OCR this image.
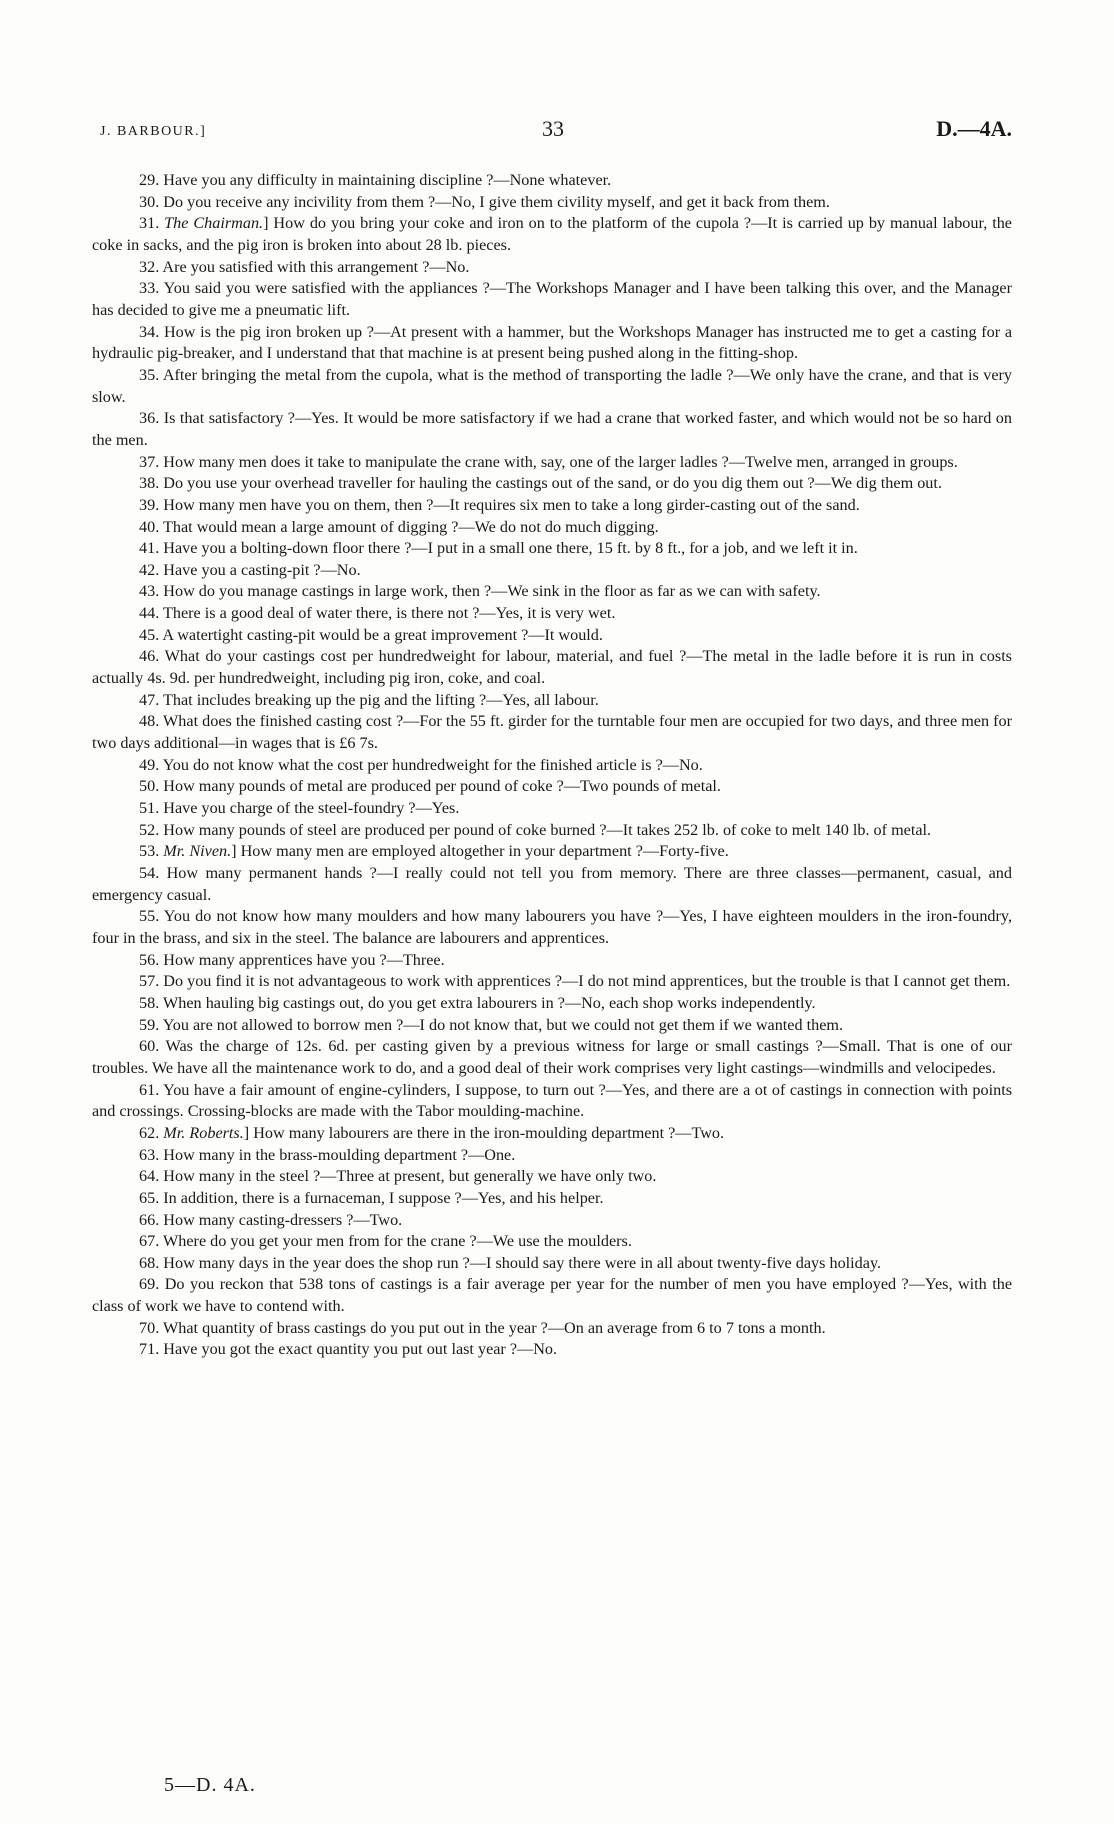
J. BARBOUR.]	33	D.—4A.

29. Have you any difficulty in maintaining discipline ?—None whatever.

30. Do you receive any incivility from them ?—No, I give them civility myself, and get it back from them.

31. The Chairman.] How do you bring your coke and iron on to the platform of the cupola ?—It is carried up by manual labour, the coke in sacks, and the pig iron is broken into about 28 lb. pieces.

32. Are you satisfied with this arrangement ?—No.

33. You said you were satisfied with the appliances ?—The Workshops Manager and I have been talking this over, and the Manager has decided to give me a pneumatic lift.

34. How is the pig iron broken up ?—At present with a hammer, but the Workshops Manager has instructed me to get a casting for a hydraulic pig-breaker, and I understand that that machine is at present being pushed along in the fitting-shop.

35. After bringing the metal from the cupola, what is the method of transporting the ladle ?—We only have the crane, and that is very slow.

36. Is that satisfactory ?—Yes. It would be more satisfactory if we had a crane that worked faster, and which would not be so hard on the men.

37. How many men does it take to manipulate the crane with, say, one of the larger ladles ?—Twelve men, arranged in groups.

38. Do you use your overhead traveller for hauling the castings out of the sand, or do you dig them out ?—We dig them out.

39. How many men have you on them, then ?—It requires six men to take a long girder-casting out of the sand.

40. That would mean a large amount of digging ?—We do not do much digging.

41. Have you a bolting-down floor there ?—I put in a small one there, 15 ft. by 8 ft., for a job, and we left it in.

42. Have you a casting-pit ?—No.

43. How do you manage castings in large work, then ?—We sink in the floor as far as we can with safety.

44. There is a good deal of water there, is there not ?—Yes, it is very wet.

45. A watertight casting-pit would be a great improvement ?—It would.

46. What do your castings cost per hundredweight for labour, material, and fuel ?—The metal in the ladle before it is run in costs actually 4s. 9d. per hundredweight, including pig iron, coke, and coal.

47. That includes breaking up the pig and the lifting ?—Yes, all labour.

48. What does the finished casting cost ?—For the 55 ft. girder for the turntable four men are occupied for two days, and three men for two days additional—in wages that is £6 7s.

49. You do not know what the cost per hundredweight for the finished article is ?—No.

50. How many pounds of metal are produced per pound of coke ?—Two pounds of metal.

51. Have you charge of the steel-foundry ?—Yes.

52. How many pounds of steel are produced per pound of coke burned ?—It takes 252 lb. of coke to melt 140 lb. of metal.

53. Mr. Niven.] How many men are employed altogether in your department ?—Forty-five.

54. How many permanent hands ?—I really could not tell you from memory. There are three classes—permanent, casual, and emergency casual.

55. You do not know how many moulders and how many labourers you have ?—Yes, I have eighteen moulders in the iron-foundry, four in the brass, and six in the steel. The balance are labourers and apprentices.

56. How many apprentices have you ?—Three.

57. Do you find it is not advantageous to work with apprentices ?—I do not mind apprentices, but the trouble is that I cannot get them.

58. When hauling big castings out, do you get extra labourers in ?—No, each shop works independently.

59. You are not allowed to borrow men ?—I do not know that, but we could not get them if we wanted them.

60. Was the charge of 12s. 6d. per casting given by a previous witness for large or small castings ?—Small. That is one of our troubles. We have all the maintenance work to do, and a good deal of their work comprises very light castings—windmills and velocipedes.

61. You have a fair amount of engine-cylinders, I suppose, to turn out ?—Yes, and there are a ot of castings in connection with points and crossings. Crossing-blocks are made with the Tabor moulding-machine.

62. Mr. Roberts.] How many labourers are there in the iron-moulding department ?—Two.

63. How many in the brass-moulding department ?—One.

64. How many in the steel ?—Three at present, but generally we have only two.

65. In addition, there is a furnaceman, I suppose ?—Yes, and his helper.

66. How many casting-dressers ?—Two.

67. Where do you get your men from for the crane ?—We use the moulders.

68. How many days in the year does the shop run ?—I should say there were in all about twenty-five days holiday.

69. Do you reckon that 538 tons of castings is a fair average per year for the number of men you have employed ?—Yes, with the class of work we have to contend with.

70. What quantity of brass castings do you put out in the year ?—On an average from 6 to 7 tons a month.

71. Have you got the exact quantity you put out last year ?—No.

5—D. 4A.
